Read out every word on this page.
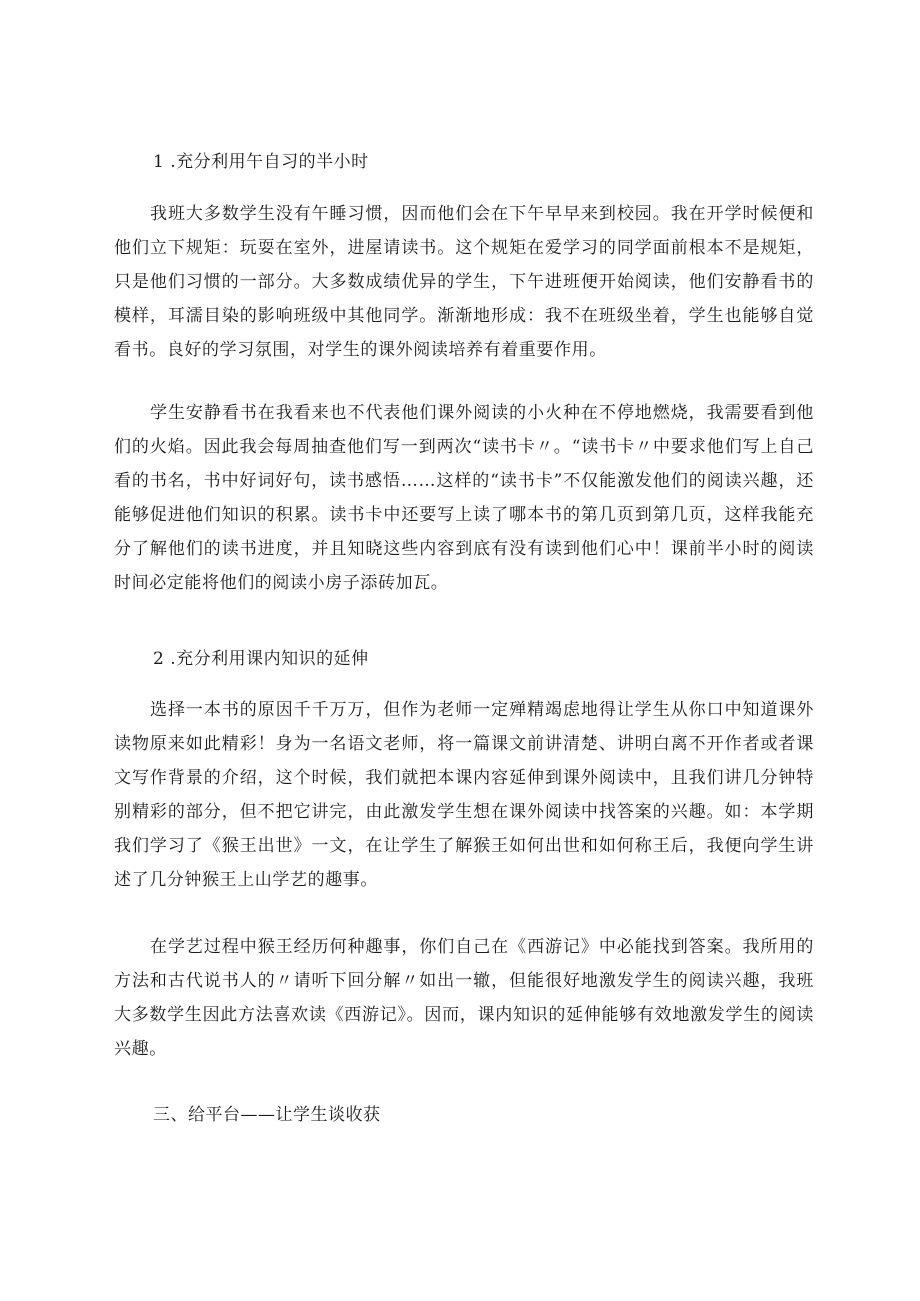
1 .充分利用午自习的半小时
我班大多数学生没有午睡习惯，因而他们会在下午早早来到校园。我在开学时候便和他们立下规矩：玩耍在室外，进屋请读书。这个规矩在爱学习的同学面前根本不是规矩，只是他们习惯的一部分。大多数成绩优异的学生，下午进班便开始阅读，他们安静看书的模样，耳濡目染的影响班级中其他同学。渐渐地形成：我不在班级坐着，学生也能够自觉看书。良好的学习氛围，对学生的课外阅读培养有着重要作用。
学生安静看书在我看来也不代表他们课外阅读的小火种在不停地燃烧，我需要看到他们的火焰。因此我会每周抽查他们写一到两次“读书卡〃。“读书卡〃中要求他们写上自己看的书名，书中好词好句，读书感悟……这样的“读书卡”不仅能激发他们的阅读兴趣，还能够促进他们知识的积累。读书卡中还要写上读了哪本书的第几页到第几页，这样我能充分了解他们的读书进度，并且知晓这些内容到底有没有读到他们心中！课前半小时的阅读时间必定能将他们的阅读小房子添砖加瓦。
2 .充分利用课内知识的延伸
选择一本书的原因千千万万，但作为老师一定殚精竭虑地得让学生从你口中知道课外读物原来如此精彩！身为一名语文老师，将一篇课文前讲清楚、讲明白离不开作者或者课文写作背景的介绍，这个时候，我们就把本课内容延伸到课外阅读中，且我们讲几分钟特别精彩的部分，但不把它讲完，由此激发学生想在课外阅读中找答案的兴趣。如：本学期我们学习了《猴王出世》一文，在让学生了解猴王如何出世和如何称王后，我便向学生讲述了几分钟猴王上山学艺的趣事。
在学艺过程中猴王经历何种趣事，你们自己在《西游记》中必能找到答案。我所用的方法和古代说书人的〃请听下回分解〃如出一辙，但能很好地激发学生的阅读兴趣，我班大多数学生因此方法喜欢读《西游记》。因而，课内知识的延伸能够有效地激发学生的阅读兴趣。
三、给平台——让学生谈收获
